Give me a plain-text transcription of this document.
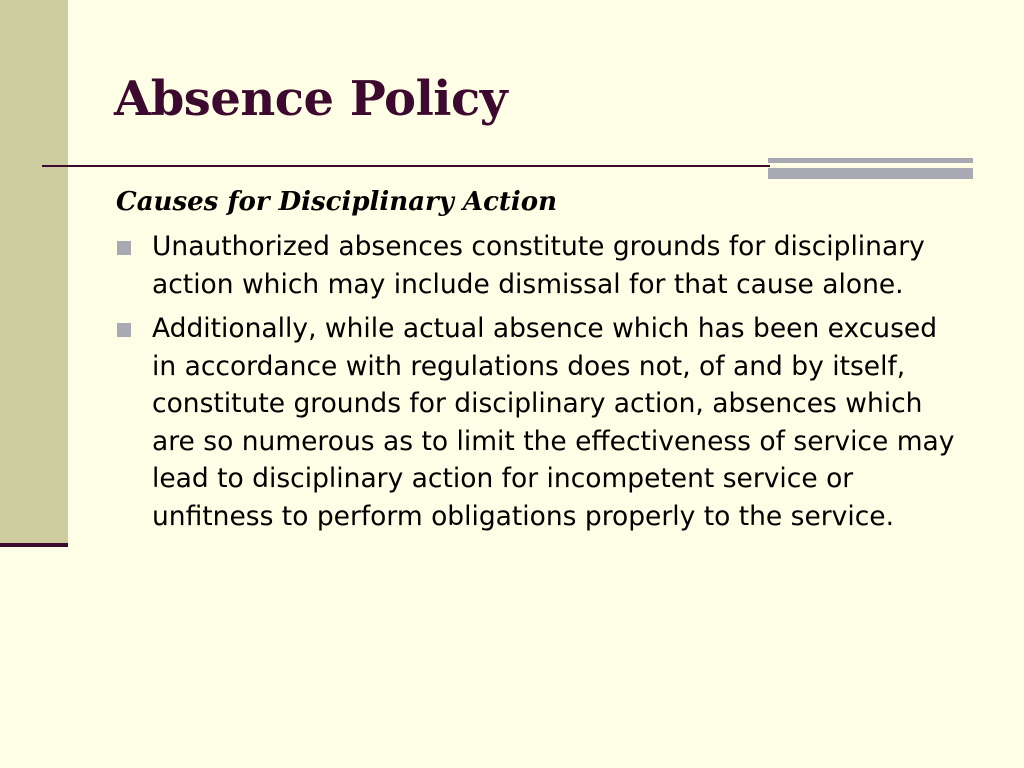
Absence Policy

Causes for Disciplinary Action

Unauthorized absences constitute grounds for disciplinary action which may include dismissal for that cause alone.
Additionally, while actual absence which has been excused in accordance with regulations does not, of and by itself, constitute grounds for disciplinary action, absences which are so numerous as to limit the effectiveness of service may lead to disciplinary action for incompetent service or unfitness to perform obligations properly to the service.
